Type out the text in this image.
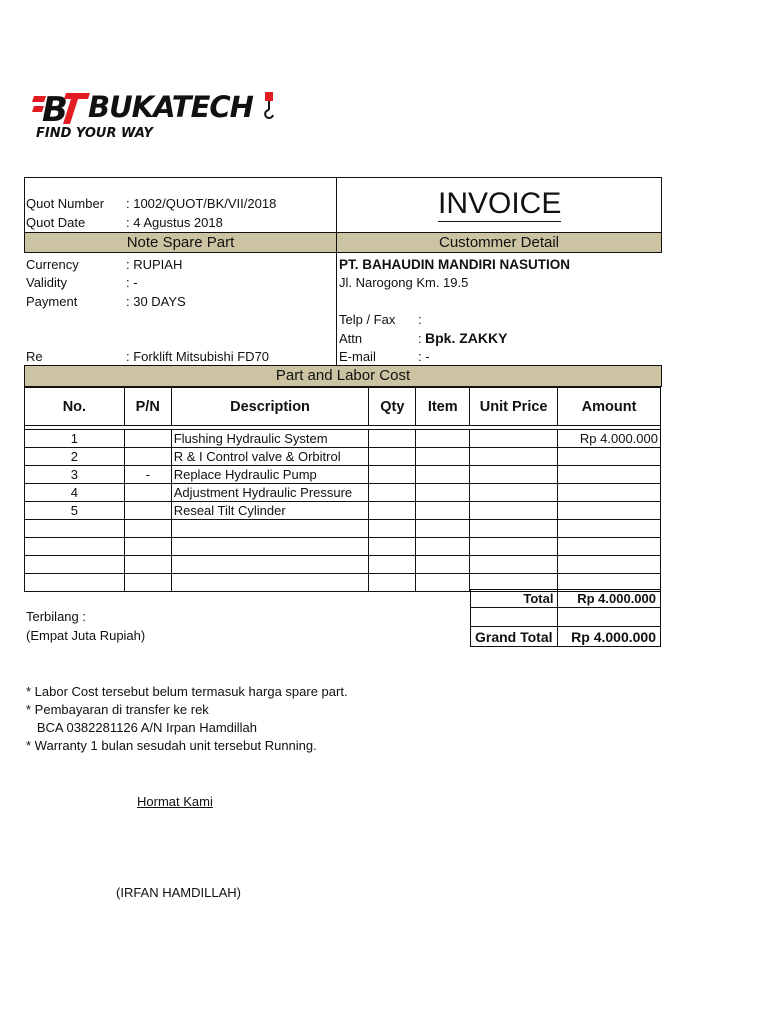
B BUKATECH
FIND YOUR WAY
Quot Number : 1002/QUOT/BK/VII/2018
Quot Date	: 4 Agustus 2018
INVOICE
Note Spare Part	Custommer Detail
Currency	: RUPIAH
Validity	: -
Payment	: 30 DAYS
Re	: Forklift Mitsubishi FD70
PT. BAHAUDIN MANDIRI NASUTION
Jl. Narogong Km. 19.5
Telp / Fax :
Attn	: Bpk. ZAKKY
E-mail	: -
Part and Labor Cost
No.	P/N	Description	Qty	Item	Unit Price	Amount

1		Flushing Hydraulic System				Rp 4.000.000
2		R & I Control valve & Orbitrol				
3	-	Replace Hydraulic Pump				
4		Adjustment Hydraulic Pressure				
5		Reseal Tilt Cylinder				

Total	Rp 4.000.000

Grand Total	Rp 4.000.000
Terbilang :
(Empat Juta Rupiah)
* Labor Cost tersebut belum termasuk harga spare part.
* Pembayaran di transfer ke rek
BCA 0382281126 A/N Irpan Hamdillah
* Warranty 1 bulan sesudah unit tersebut Running.
Hormat Kami
(IRFAN HAMDILLAH)
